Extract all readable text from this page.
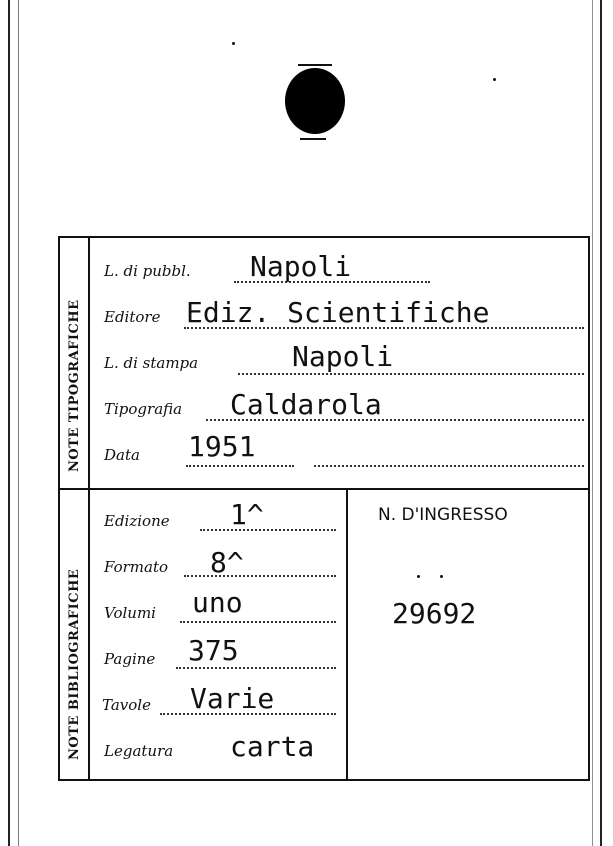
NOTE TIPOGRAFICHE
NOTE BIBLIOGRAFICHE
L. di pubbl. Napoli
Editore Ediz. Scientifiche
L. di stampa	Napoli
Tipografia Caldarola
Data 1951
Edizione 1^
Formato 8^
Volumi uno
Pagine 375
Tavole Varie
Legatura carta
N. D'INGRESSO
29692
